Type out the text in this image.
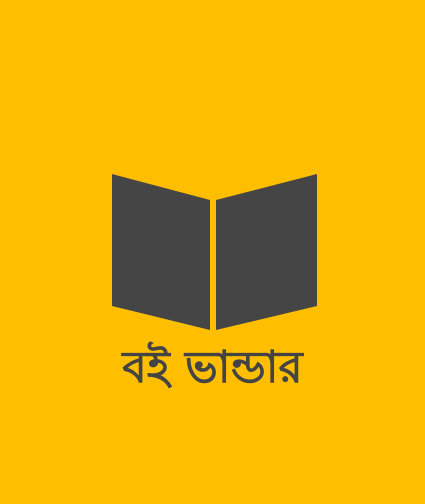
বই ভান্ডার
